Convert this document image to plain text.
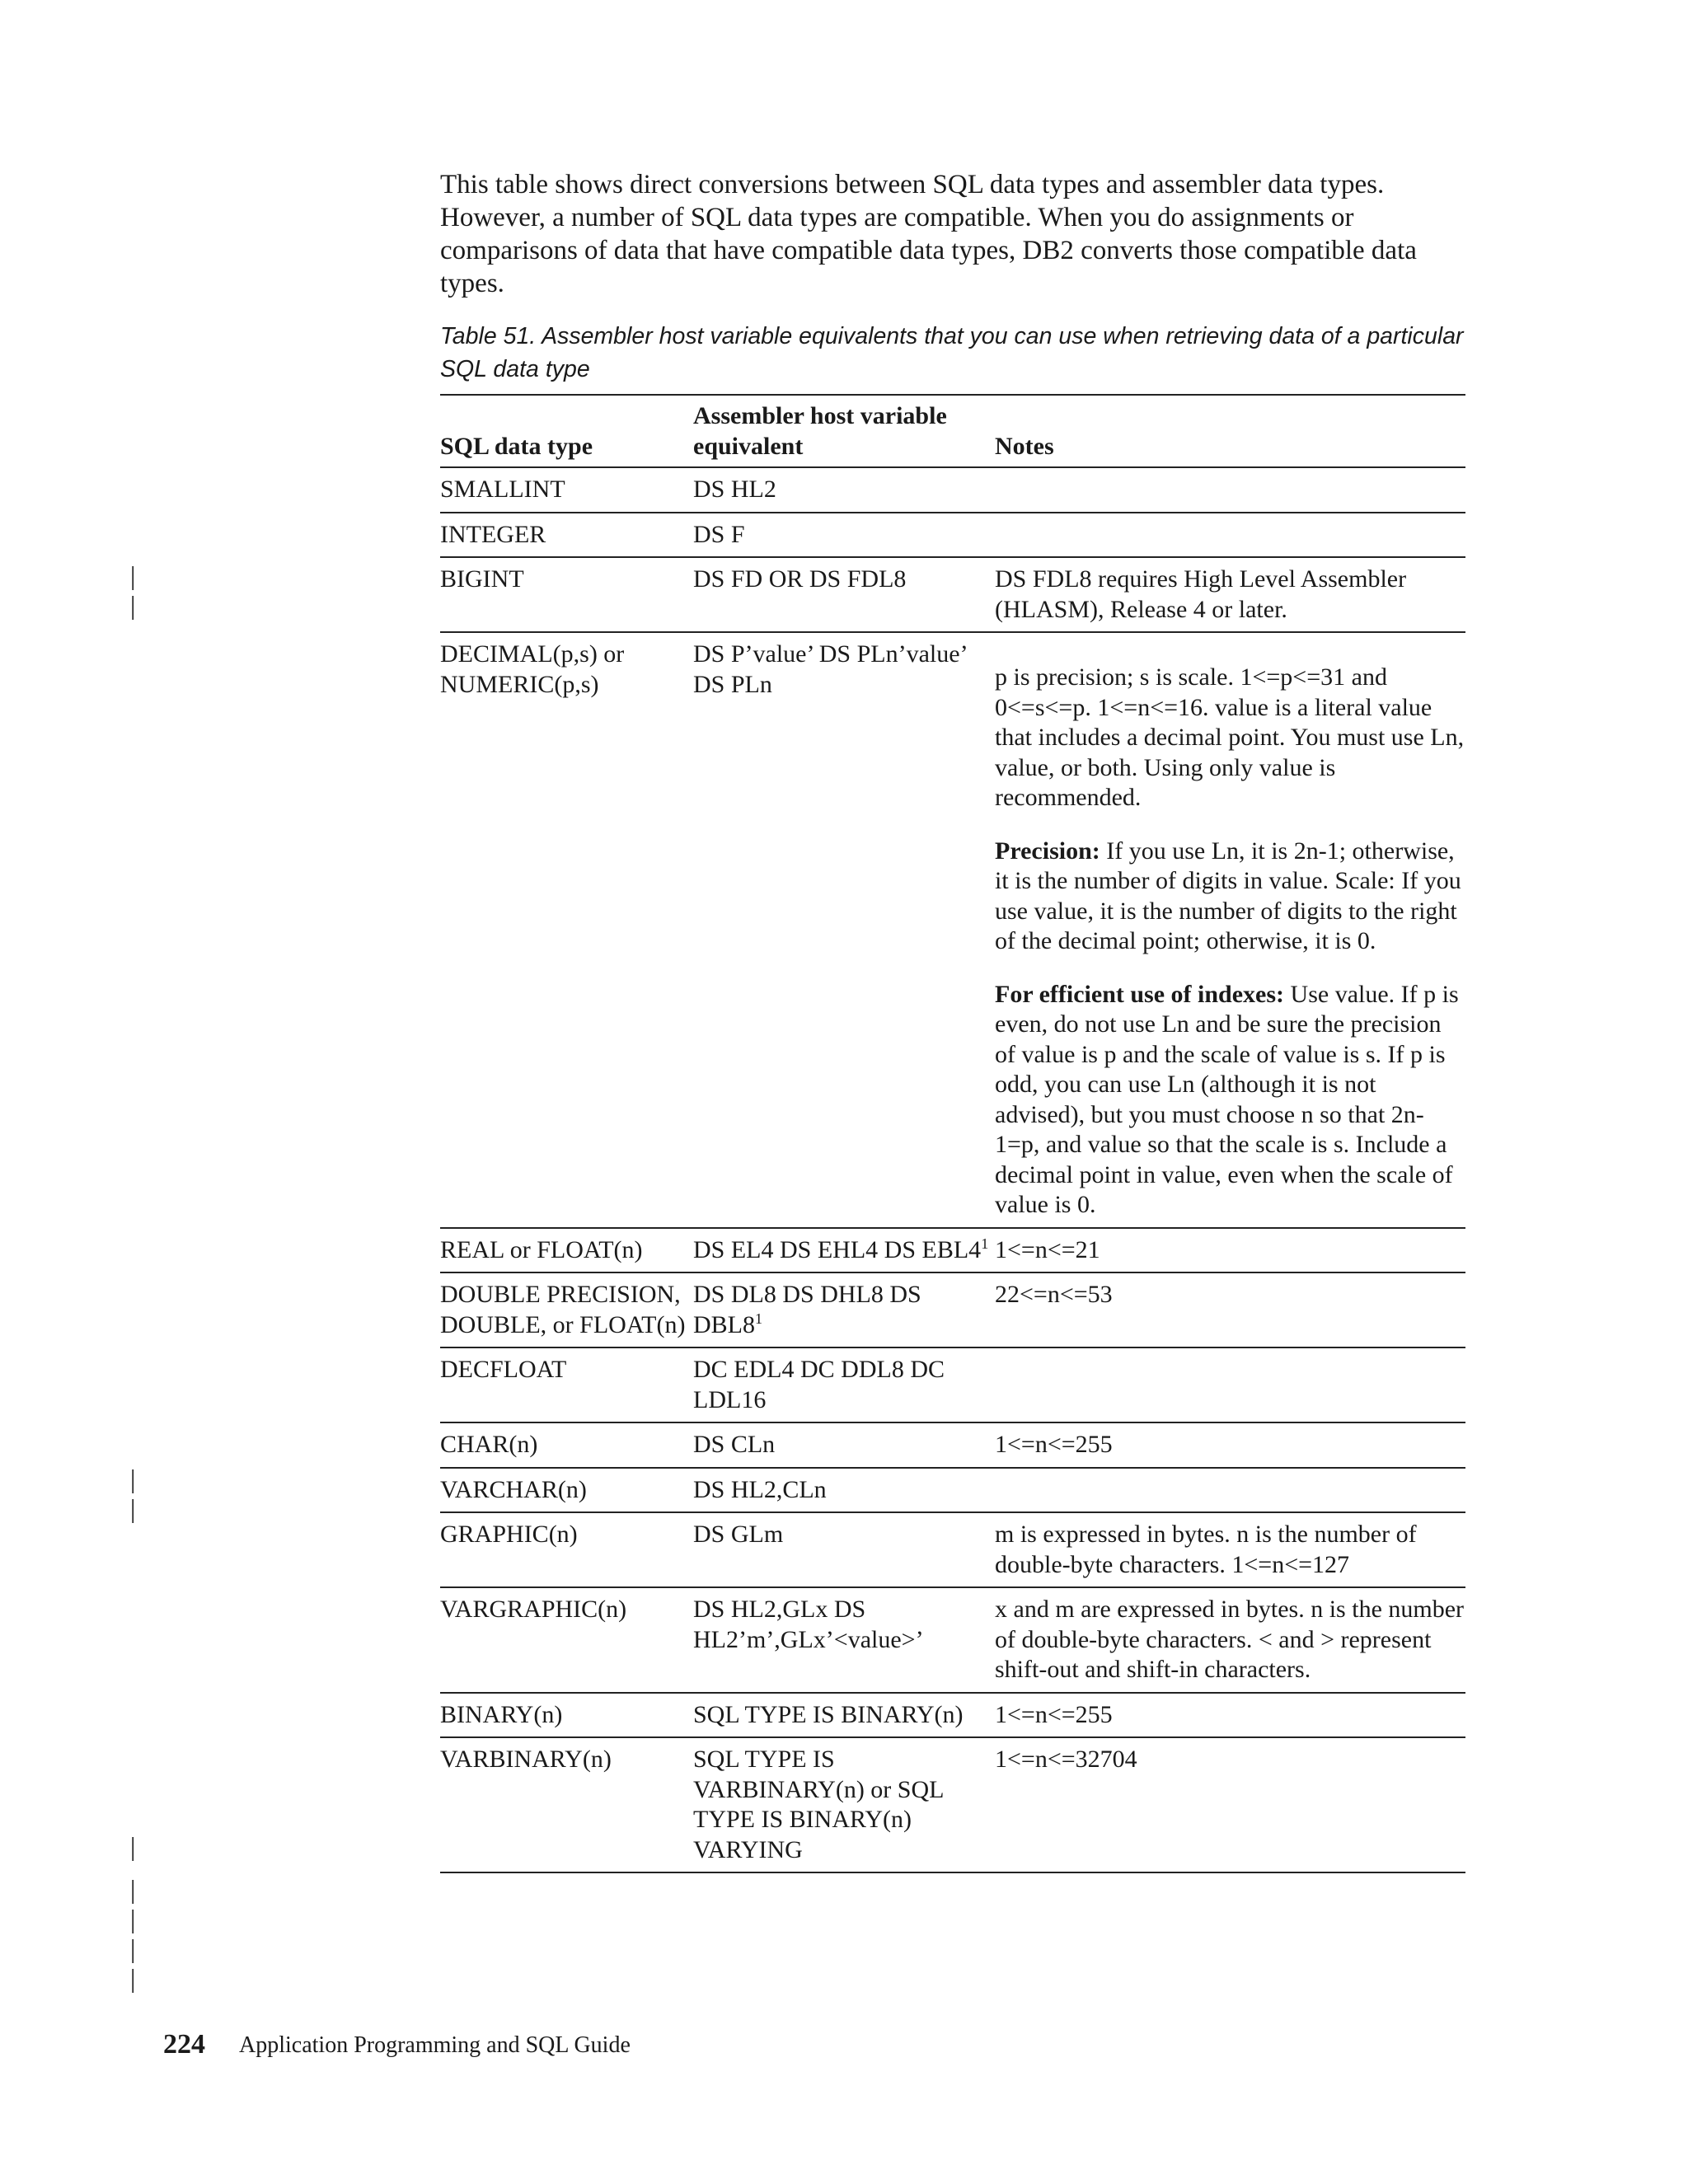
This table shows direct conversions between SQL data types and assembler data types. However, a number of SQL data types are compatible. When you do assignments or comparisons of data that have compatible data types, DB2 converts those compatible data types.

Table 51. Assembler host variable equivalents that you can use when retrieving data of a particular SQL data type

|
|
|
|
|
|
|
|
|
SQL data type	Assembler host variable equivalent	Notes
SMALLINT	DS HL2	
INTEGER	DS F	
BIGINT	DS FD OR DS FDL8	DS FDL8 requires High Level Assembler (HLASM), Release 4 or later.
DECIMAL(p,s) or NUMERIC(p,s)	DS P’value’ DS PLn’value’ DS PLn	p is precision; s is scale. 1<=p<=31 and 0<=s<=p. 1<=n<=16. value is a literal value that includes a decimal point. You must use Ln, value, or both. Using only value is recommended.
Precision: If you use Ln, it is 2n-1; otherwise, it is the number of digits in value. Scale: If you use value, it is the number of digits to the right of the decimal point; otherwise, it is 0.
For efficient use of indexes: Use value. If p is even, do not use Ln and be sure the precision of value is p and the scale of value is s. If p is odd, you can use Ln (although it is not advised), but you must choose n so that 2n-1=p, and value so that the scale is s. Include a decimal point in value, even when the scale of value is 0.

REAL or FLOAT(n)	DS EL4 DS EHL4 DS $EBL4^1$	1<=n<=21
DOUBLE PRECISION, DOUBLE, or FLOAT(n)	DS DL8 DS DHL8 DS $DBL8^1$	22<=n<=53
DECFLOAT	DC EDL4 DC DDL8 DC LDL16	
CHAR(n)	DS CLn	1<=n<=255
VARCHAR(n)	DS HL2,CLn	
GRAPHIC(n)	DS GLm	m is expressed in bytes. n is the number of double-byte characters. 1<=n<=127
VARGRAPHIC(n)	DS HL2,GLx DS HL2’m’,GLx’<value>’	x and m are expressed in bytes. n is the number of double-byte characters. < and > represent shift-out and shift-in characters.
BINARY(n)	SQL TYPE IS BINARY(n)	1<=n<=255
VARBINARY(n)	SQL TYPE IS VARBINARY(n) or SQL TYPE IS BINARY(n) VARYING	1<=n<=32704
224 Application Programming and SQL Guide
